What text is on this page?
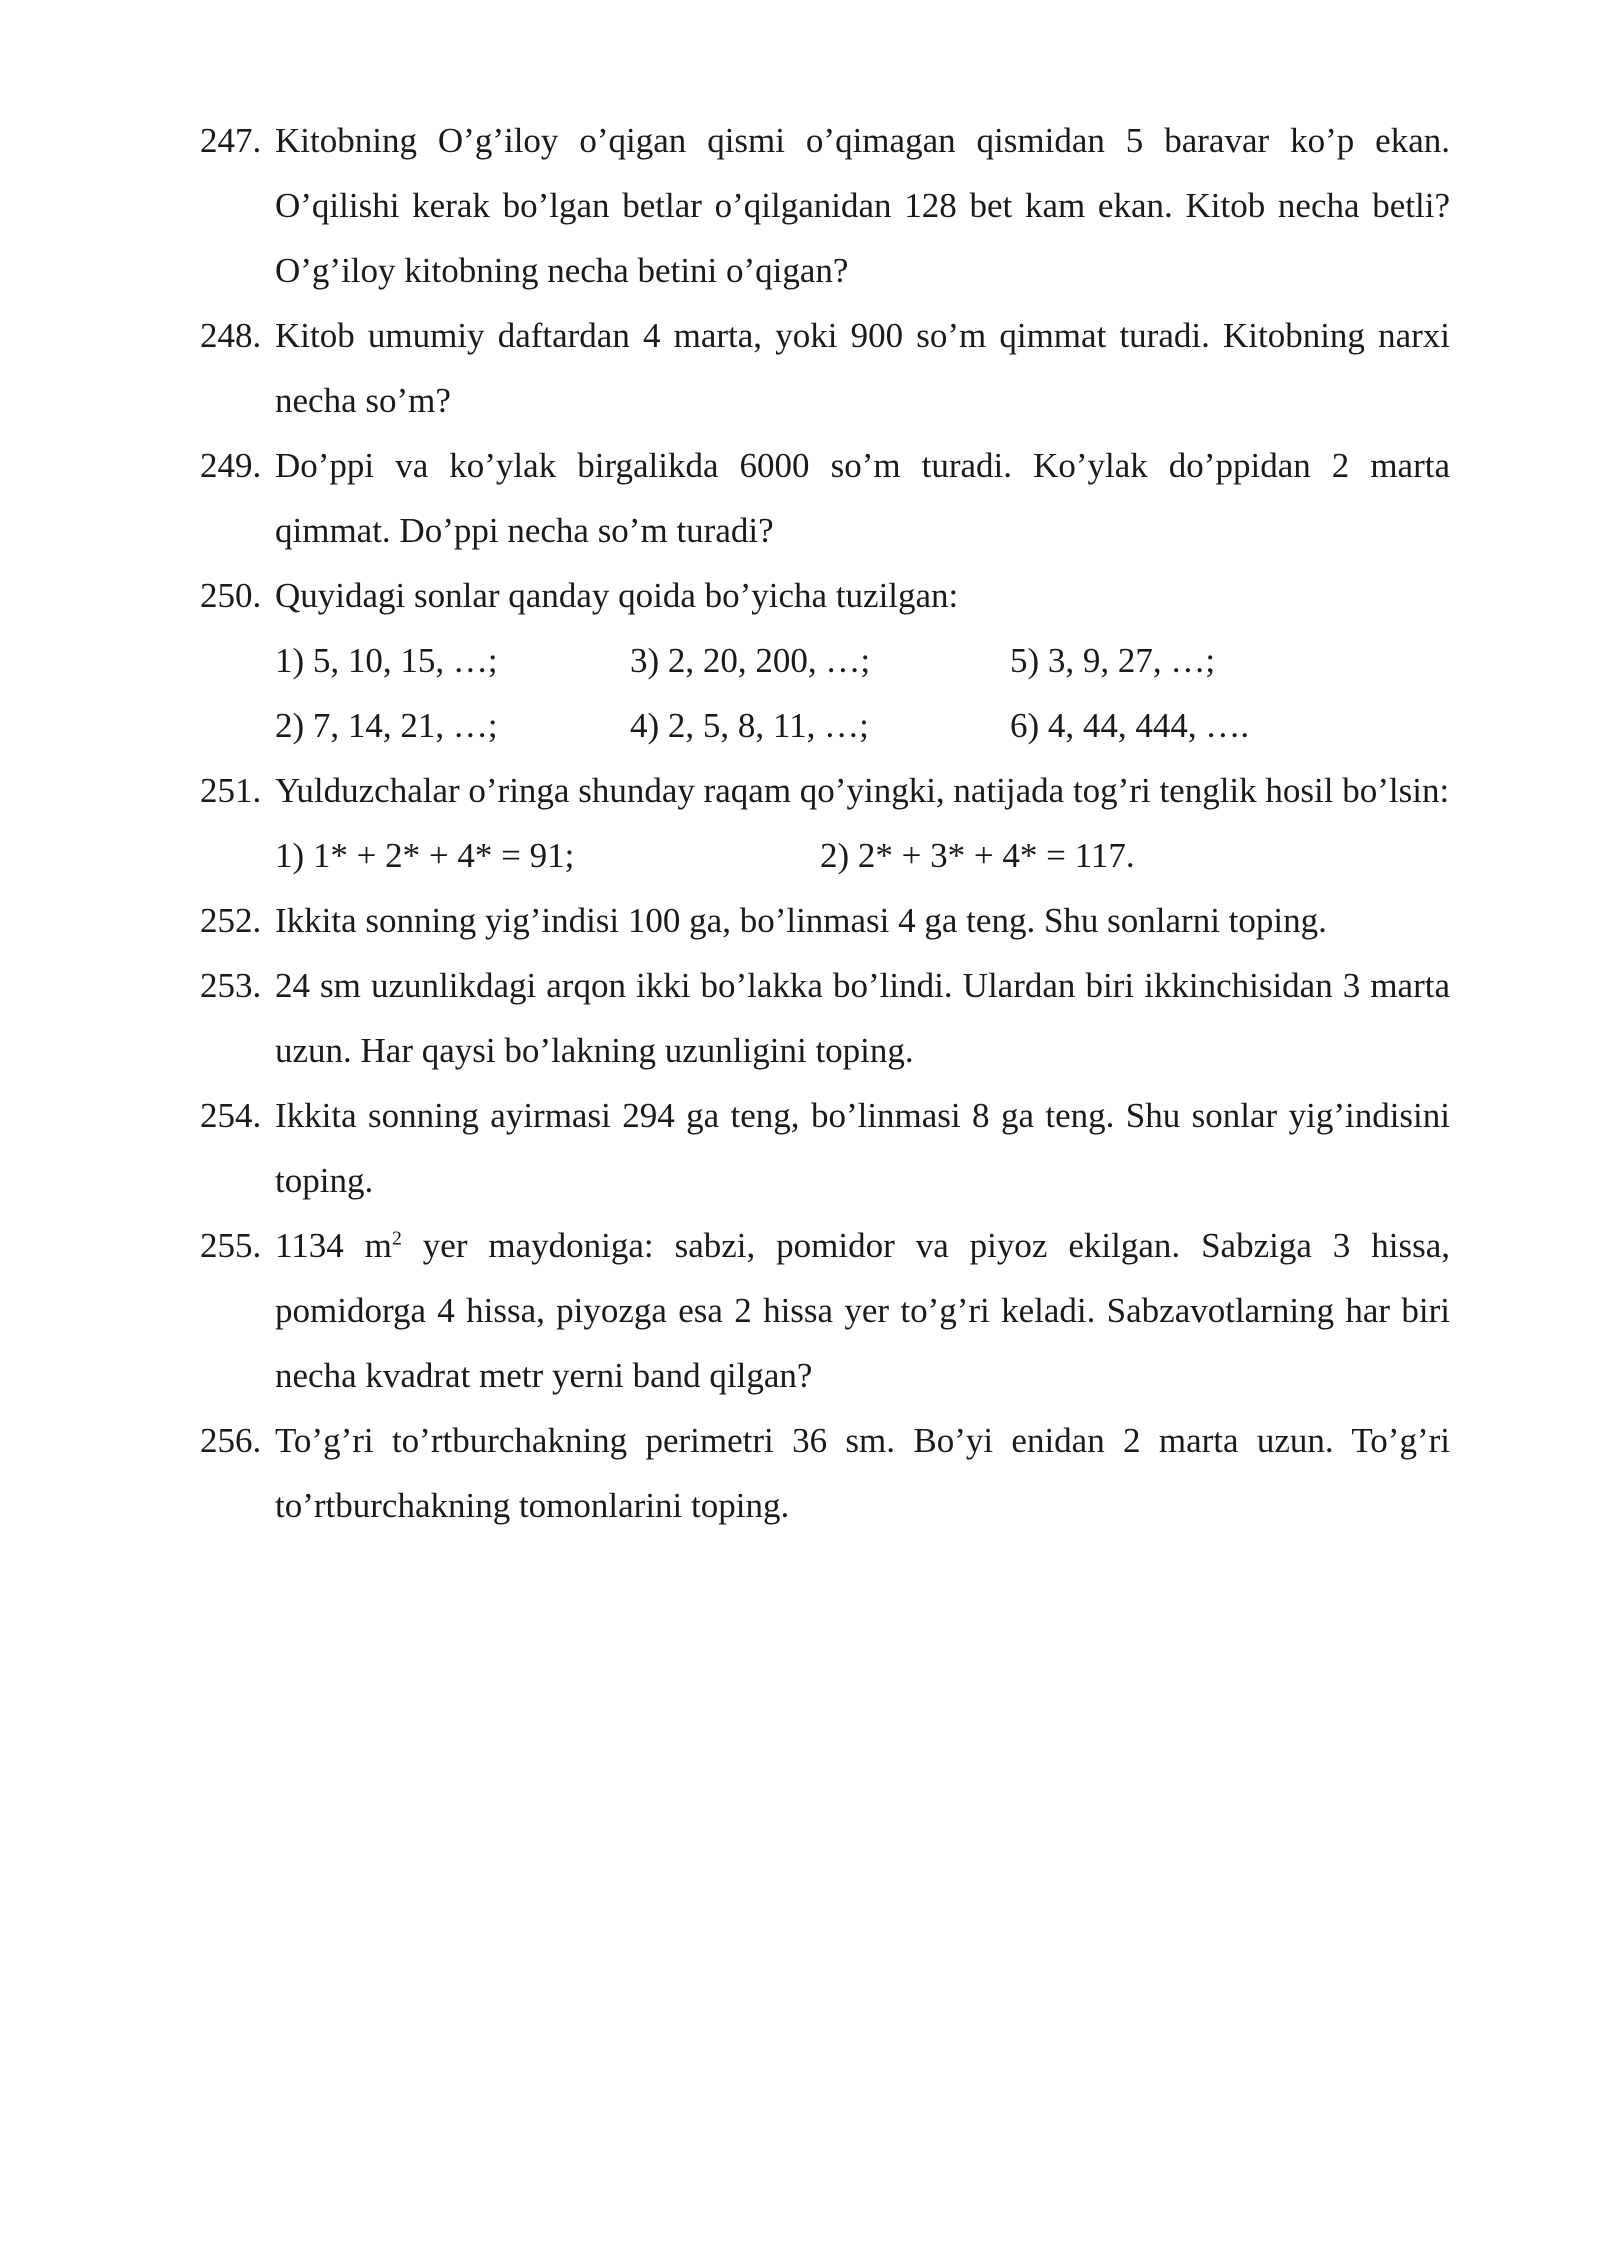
247. Kitobning O’g’iloy o’qigan qismi o’qimagan qismidan 5 baravar ko’p ekan. O’qilishi kerak bo’lgan betlar o’qilganidan 128 bet kam ekan. Kitob necha betli? O’g’iloy kitobning necha betini o’qigan?
248. Kitob umumiy daftardan 4 marta, yoki 900 so’m qimmat turadi. Kitobning narxi necha so’m?
249. Do’ppi va ko’ylak birgalikda 6000 so’m turadi. Ko’ylak do’ppidan 2 marta qimmat. Do’ppi necha so’m turadi?
250. Quyidagi sonlar qanday qoida bo’yicha tuzilgan:
1) 5, 10, 15, …;	3) 2, 20, 200, …;	5) 3, 9, 27, …;
2) 7, 14, 21, …;	4) 2, 5, 8, 11, …;	6) 4, 44, 444, ….
251. Yulduzchalar o’ringa shunday raqam qo’yingki, natijada tog’ri tenglik hosil bo’lsin:
1) 1* + 2* + 4* = 91;	2) 2* + 3* + 4* = 117.
252. Ikkita sonning yig’indisi 100 ga, bo’linmasi 4 ga teng. Shu sonlarni toping.
253. 24 sm uzunlikdagi arqon ikki bo’lakka bo’lindi. Ulardan biri ikkinchisidan 3 marta uzun. Har qaysi bo’lakning uzunligini toping.
254. Ikkita sonning ayirmasi 294 ga teng, bo’linmasi 8 ga teng. Shu sonlar yig’indisini toping.
255. 1134 $m^2$ yer maydoniga: sabzi, pomidor va piyoz ekilgan. Sabziga 3 hissa, pomidorga 4 hissa, piyozga esa 2 hissa yer to’g’ri keladi. Sabzavotlarning har biri necha kvadrat metr yerni band qilgan?
256. To’g’ri to’rtburchakning perimetri 36 sm. Bo’yi enidan 2 marta uzun. To’g’ri to’rtburchakning tomonlarini toping.
